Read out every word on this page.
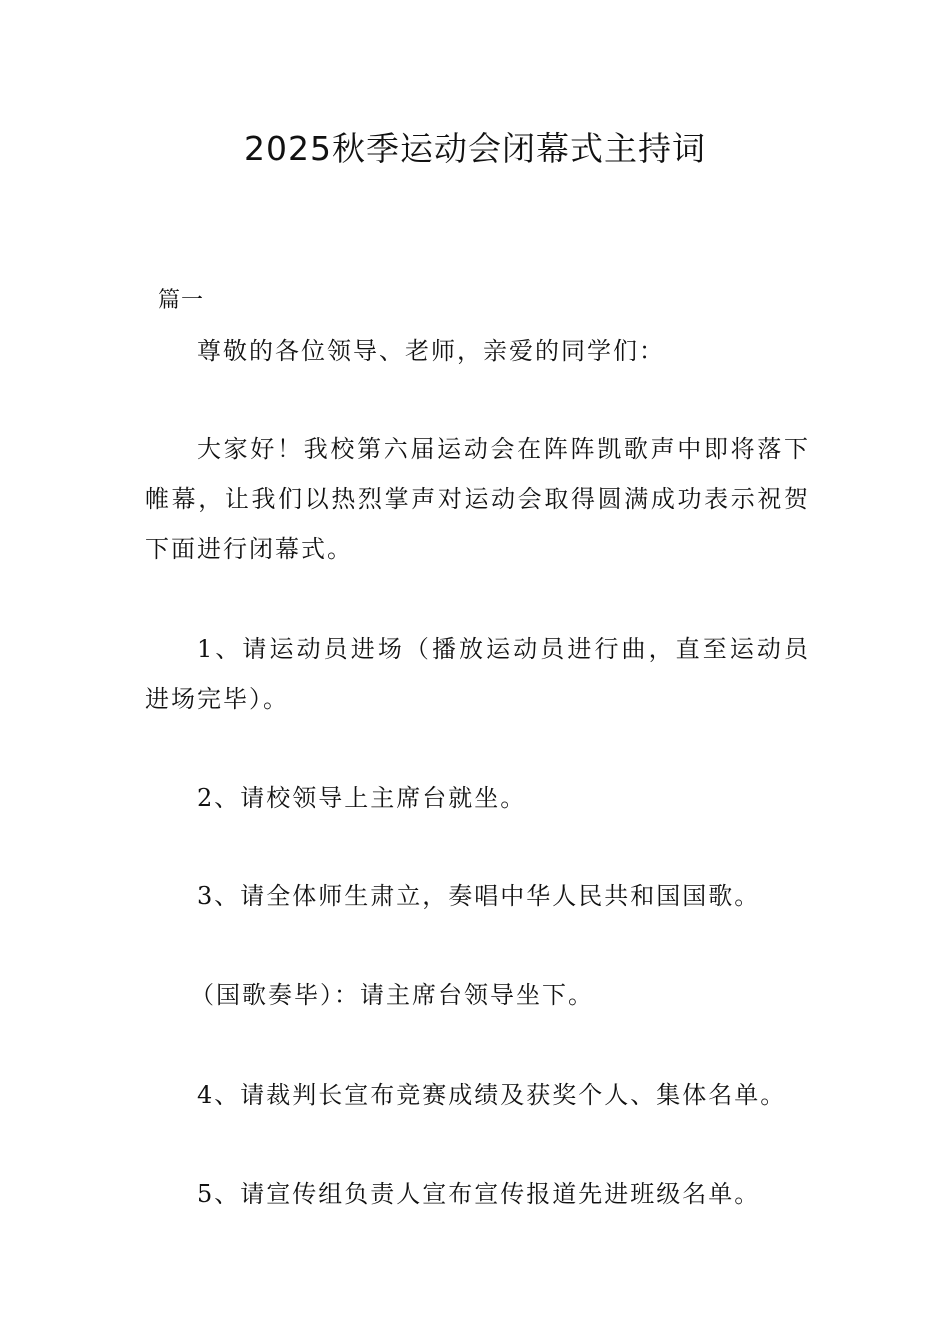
2025秋季运动会闭幕式主持词

篇一

尊敬的各位领导、老师，亲爱的同学们：

大家好！我校第六届运动会在阵阵凯歌声中即将落下帷幕，让我们以热烈掌声对运动会取得圆满成功表示祝贺下面进行闭幕式。

1、请运动员进场（播放运动员进行曲，直至运动员进场完毕）。

2、请校领导上主席台就坐。

3、请全体师生肃立，奏唱中华人民共和国国歌。

（国歌奏毕）：请主席台领导坐下。

4、请裁判长宣布竞赛成绩及获奖个人、集体名单。

5、请宣传组负责人宣布宣传报道先进班级名单。
